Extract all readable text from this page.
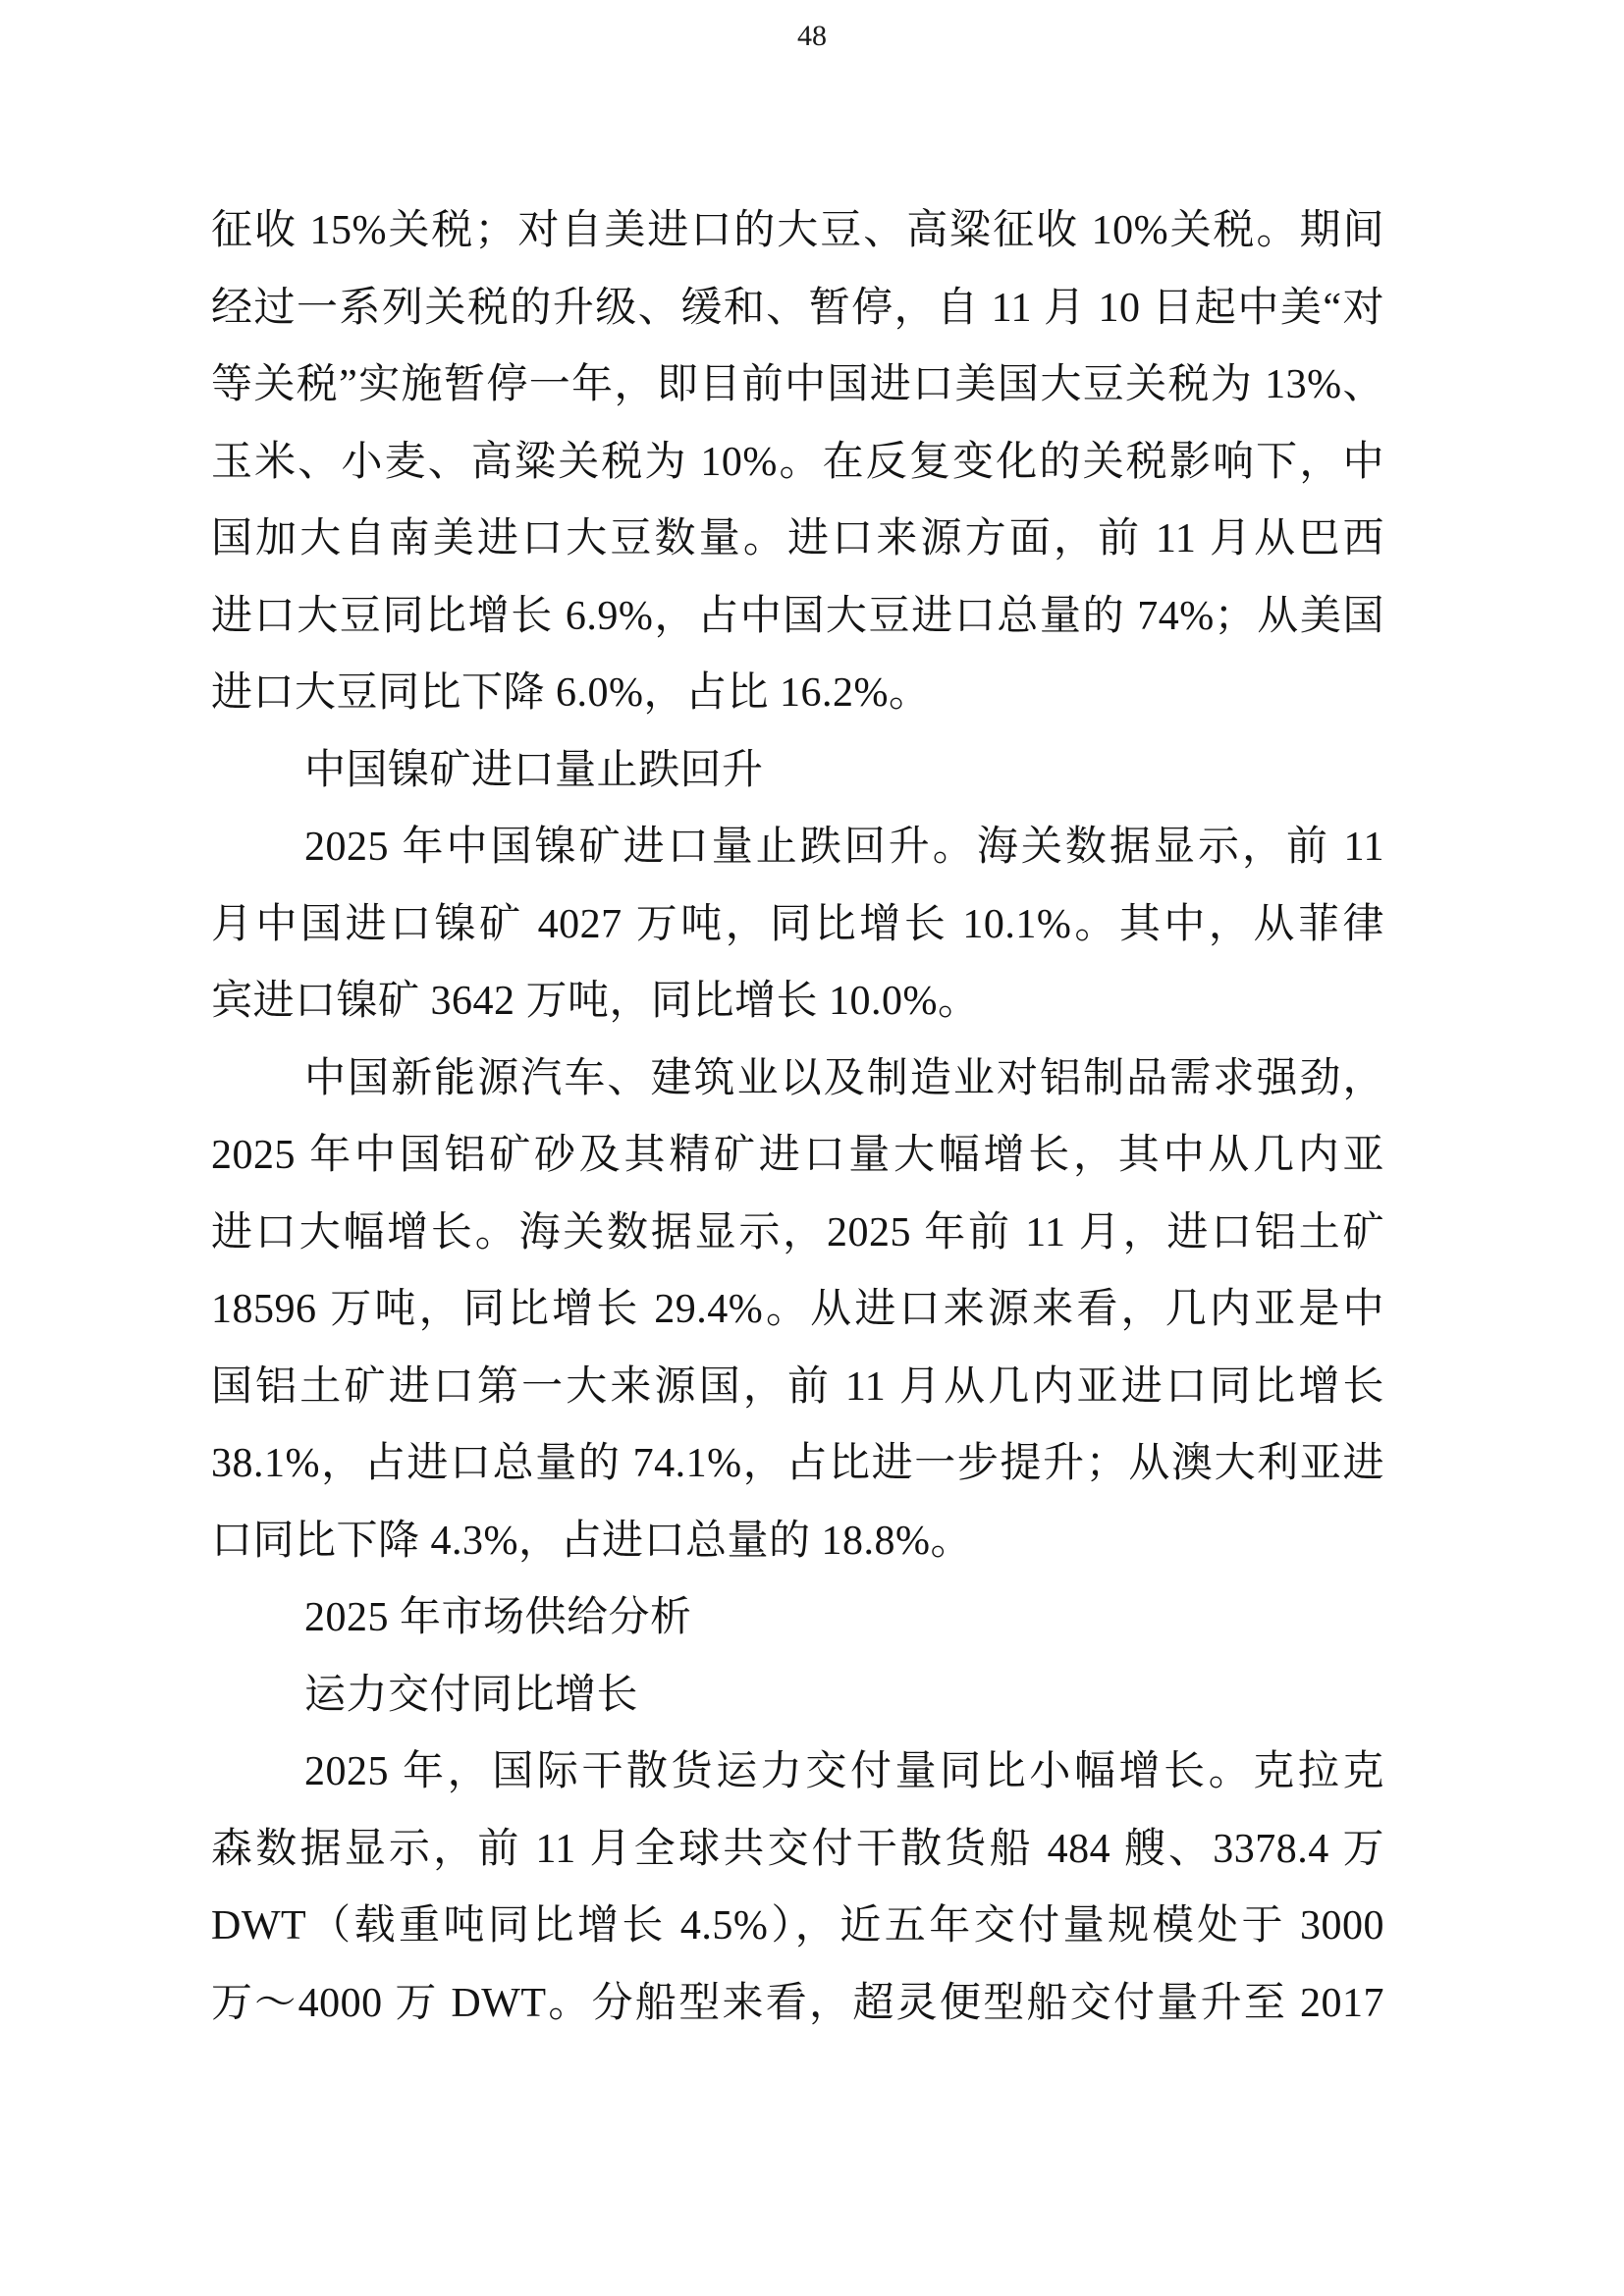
48
征收 15%关税；对自美进口的大豆、高粱征收 10%关税。期间
经过一系列关税的升级、缓和、暂停，自 11 月 10 日起中美“对
等关税”实施暂停一年，即目前中国进口美国大豆关税为 13%、
玉米、小麦、高粱关税为 10%。在反复变化的关税影响下，中
国加大自南美进口大豆数量。进口来源方面，前 11 月从巴西
进口大豆同比增长 6.9%，占中国大豆进口总量的 74%；从美国
进口大豆同比下降 6.0%，占比 16.2%。
中国镍矿进口量止跌回升
2025 年中国镍矿进口量止跌回升。海关数据显示，前 11
月中国进口镍矿 4027 万吨，同比增长 10.1%。其中，从菲律
宾进口镍矿 3642 万吨，同比增长 10.0%。
中国新能源汽车、建筑业以及制造业对铝制品需求强劲，
2025 年中国铝矿砂及其精矿进口量大幅增长，其中从几内亚
进口大幅增长。海关数据显示，2025 年前 11 月，进口铝土矿
18596 万吨，同比增长 29.4%。从进口来源来看，几内亚是中
国铝土矿进口第一大来源国，前 11 月从几内亚进口同比增长
38.1%，占进口总量的 74.1%，占比进一步提升；从澳大利亚进
口同比下降 4.3%，占进口总量的 18.8%。
2025 年市场供给分析
运力交付同比增长
2025 年，国际干散货运力交付量同比小幅增长。克拉克
森数据显示，前 11 月全球共交付干散货船 484 艘、3378.4 万
DWT（载重吨同比增长 4.5%），近五年交付量规模处于 3000
万～4000 万 DWT。分船型来看，超灵便型船交付量升至 2017
